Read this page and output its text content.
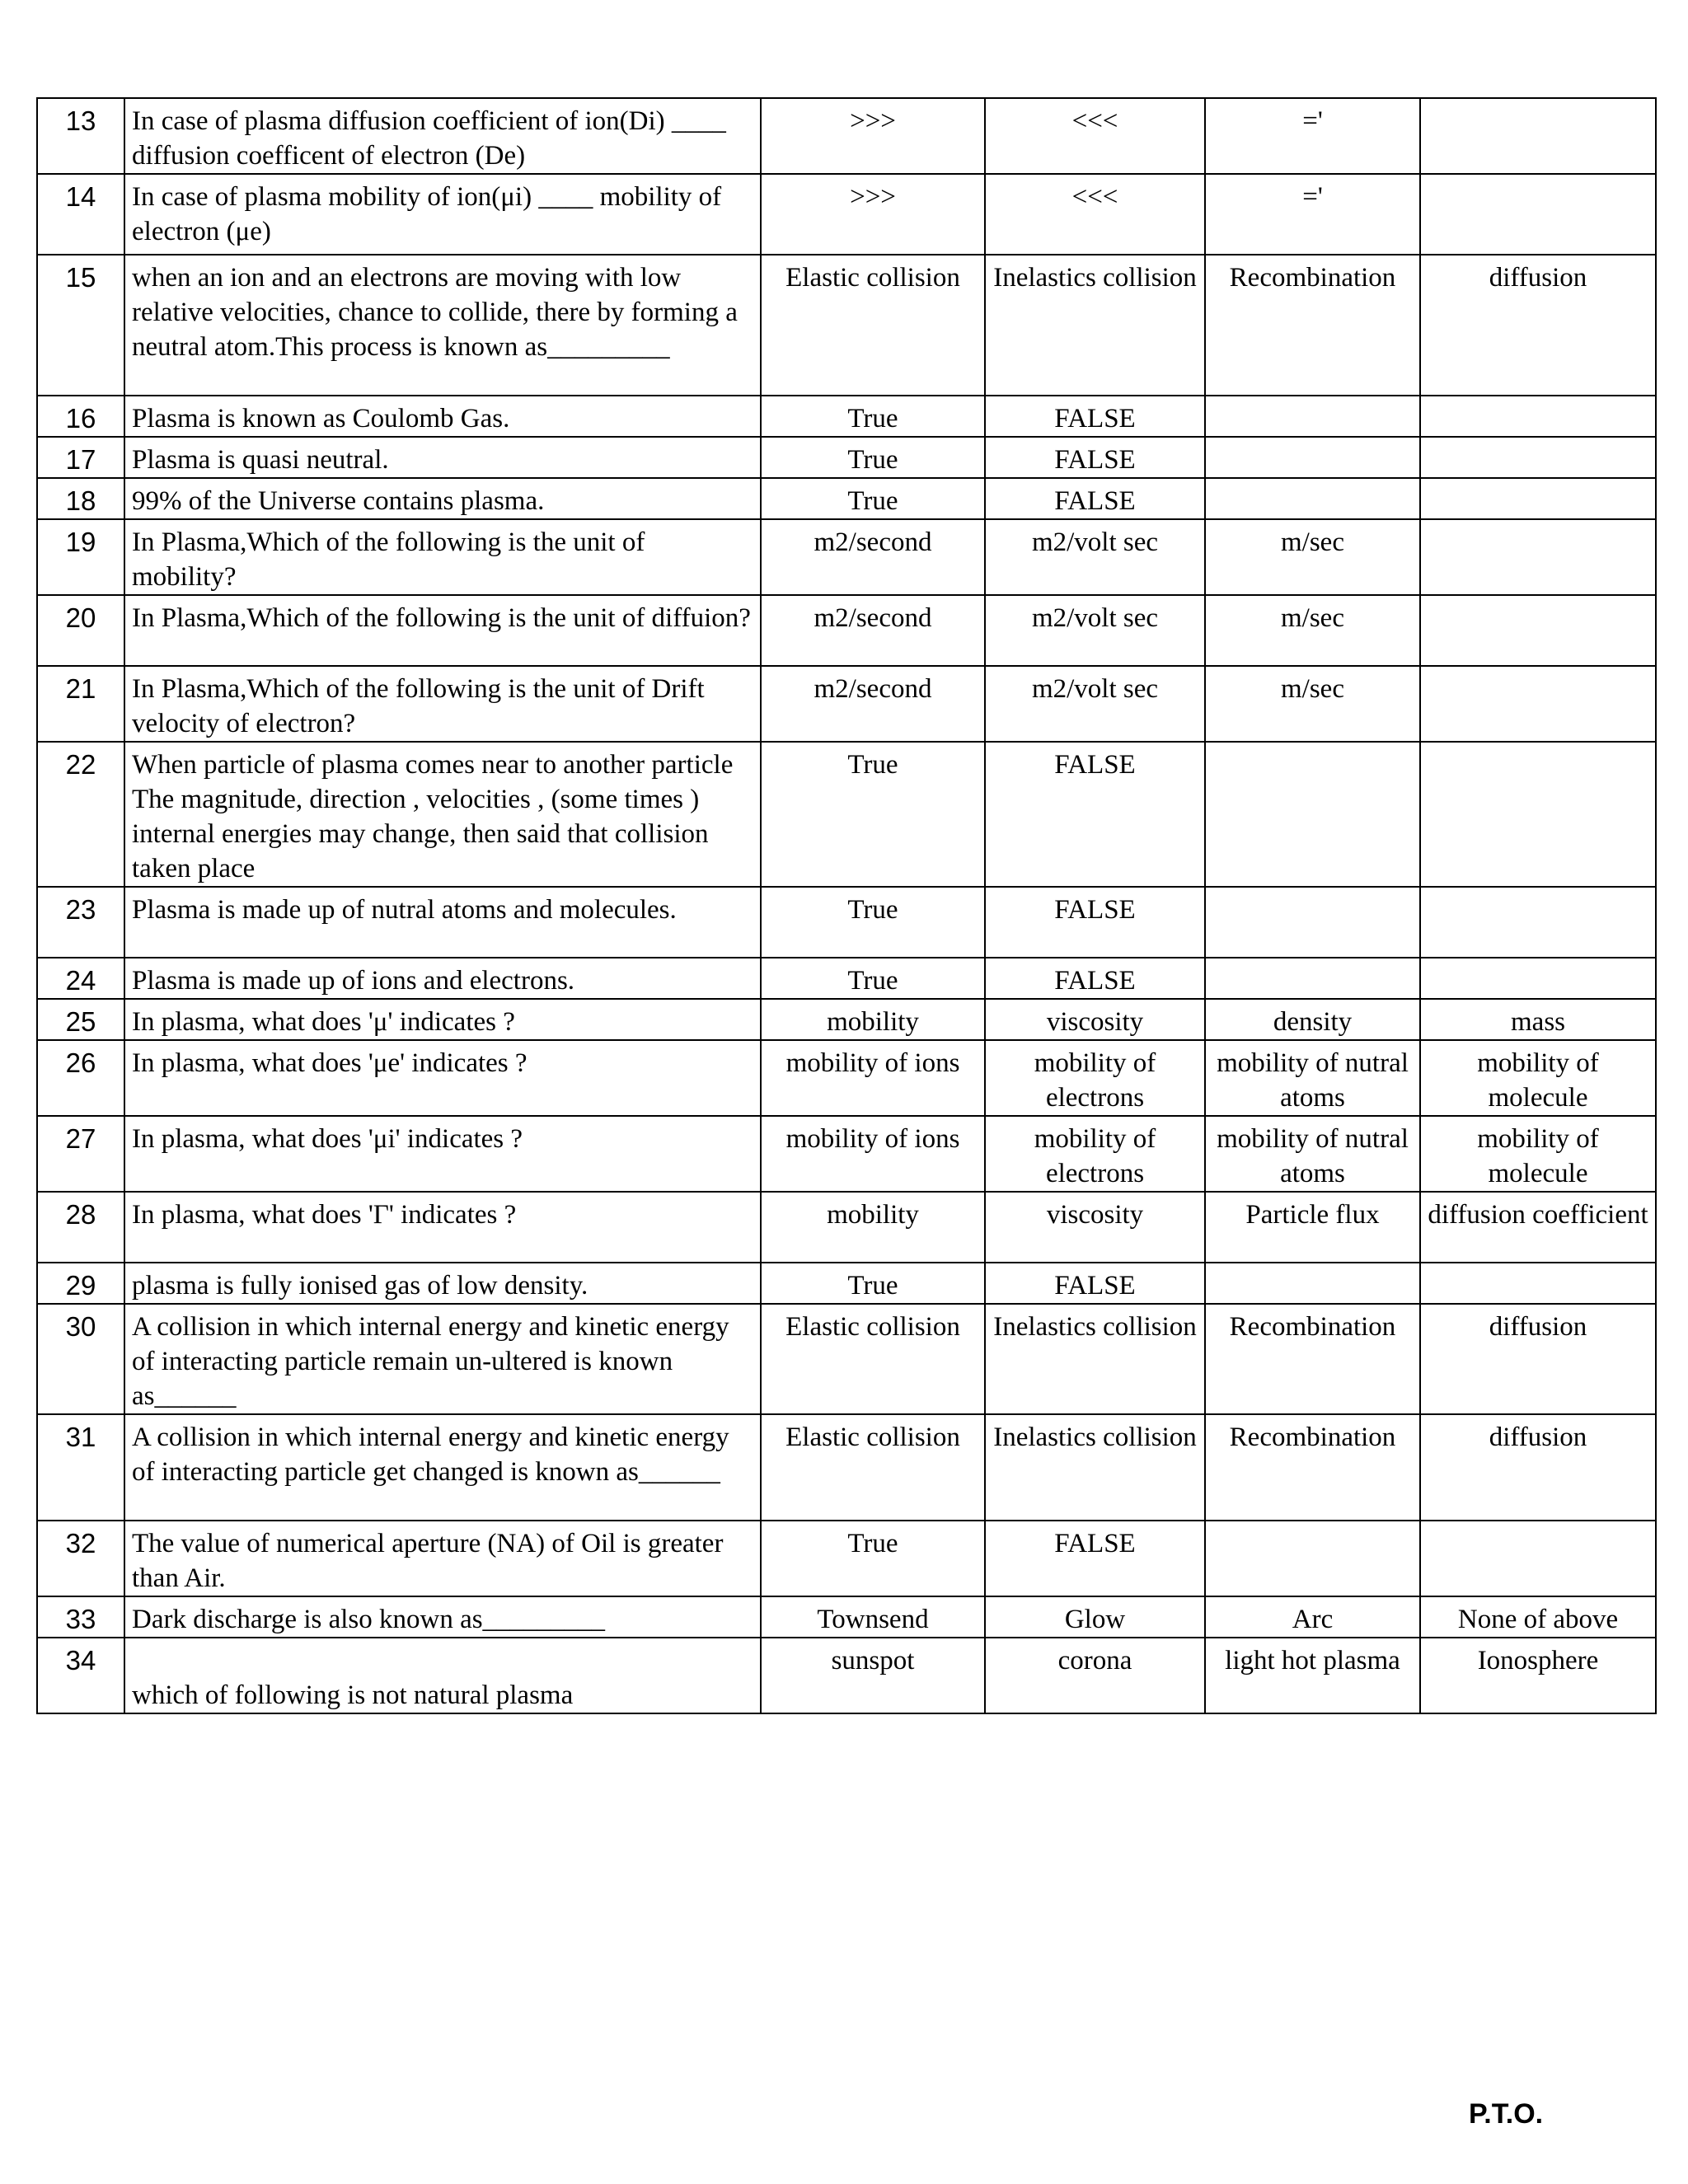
13	In case of plasma diffusion coefficient of ion(Di) ____ diffusion coefficent of electron (De)	>>>	<<<	='	
14	In case of plasma mobility of ion(μi) ____ mobility of electron (μe)	>>>	<<<	='	
15	when an ion and an electrons are moving with low relative velocities, chance to collide, there by forming a neutral atom.This process is known as_________	Elastic collision	Inelastics collision	Recombination	diffusion
16	Plasma is known as Coulomb Gas.	True	FALSE		
17	Plasma is quasi neutral.	True	FALSE		
18	99% of the Universe contains plasma.	True	FALSE		
19	In Plasma,Which of the following is the unit of mobility?	m2/second	m2/volt sec	m/sec	
20	In Plasma,Which of the following is the unit of diffuion?	m2/second	m2/volt sec	m/sec	
21	In Plasma,Which of the following is the unit of Drift velocity of electron?	m2/second	m2/volt sec	m/sec	
22	When particle of plasma comes near to another particle The magnitude, direction , velocities , (some times ) internal energies may change, then said that collision taken place	True	FALSE		
23	Plasma is made up of nutral atoms and molecules.	True	FALSE		
24	Plasma is made up of ions and electrons.	True	FALSE		
25	In plasma, what does 'μ' indicates ?	mobility	viscosity	density	mass
26	In plasma, what does 'μe' indicates ?	mobility of ions	mobility of electrons	mobility of nutral atoms	mobility of molecule
27	In plasma, what does 'μi' indicates ?	mobility of ions	mobility of electrons	mobility of nutral atoms	mobility of molecule
28	In plasma, what does 'Γ' indicates ?	mobility	viscosity	Particle flux	diffusion coefficient
29	plasma is fully ionised gas of low density.	True	FALSE		
30	A collision in which internal energy and kinetic energy of interacting particle remain un-ultered is known as______	Elastic collision	Inelastics collision	Recombination	diffusion
31	A collision in which internal energy and kinetic energy of interacting particle get changed is known as______	Elastic collision	Inelastics collision	Recombination	diffusion
32	The value of numerical aperture (NA) of Oil is greater than Air.	True	FALSE		
33	Dark discharge is also known as_________	Townsend	Glow	Arc	None of above
34	which of following is not natural plasma	sunspot	corona	light hot plasma	Ionosphere
P.T.O.
